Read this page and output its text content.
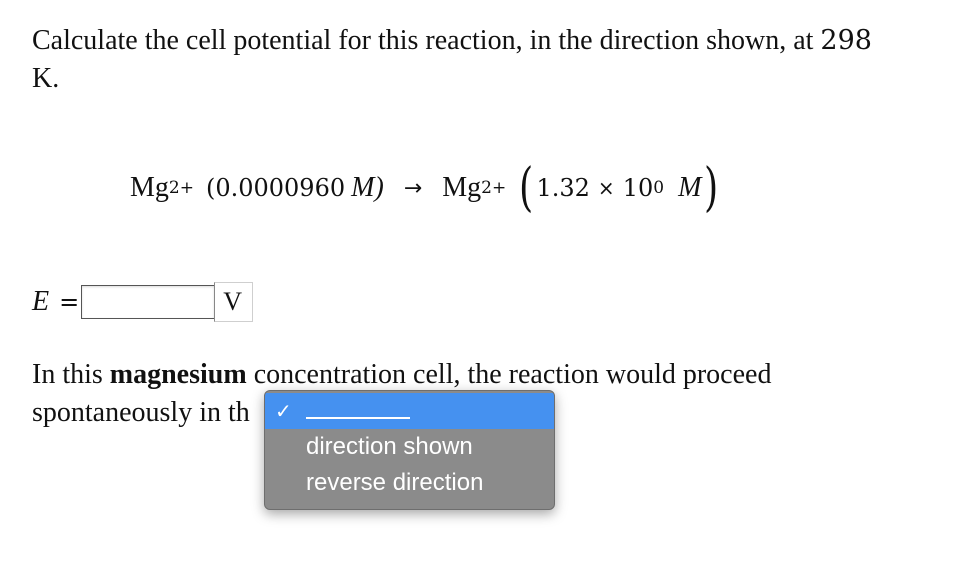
Calculate the cell potential for this reaction, in the direction shown, at 298
K.

Mg 2+ (0.0000960 M) → Mg 2+ ( 1.32 × 10 0 M )
E =	V

In this magnesium concentration cell, the reaction would proceed spontaneously in th	✓
direction shown
reverse direction
